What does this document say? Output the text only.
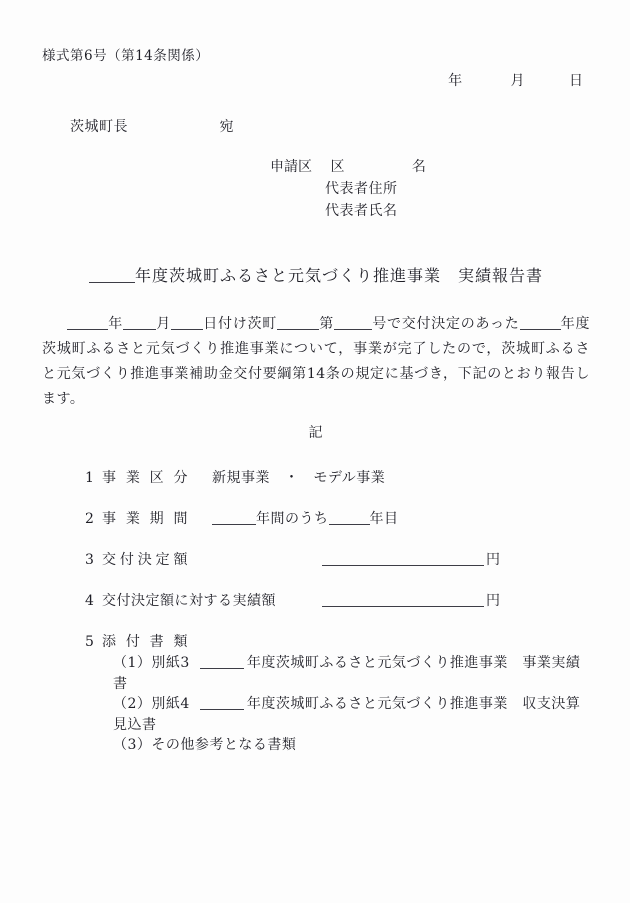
様式第6号（第14条関係）
年	月	日
茨城町長	宛
申請区 区	名
代表者住所
代表者氏名
年度茨城町ふるさと元気づくり推進事業　実績報告書
年 月 日付け茨町	第	号で交付決定のあった	年度茨城町ふるさと元気づくり推進事業について，事業が完了したので，茨城町ふるさと元気づくり推進事業補助金交付要綱第14条の規定に基づき，下記のとおり報告します。
記
1 事業区分 新規事業　・　モデル事業
2 事業期間	年間のうち	年目
3 交付決定額	円
4 交付決定額に対する実績額	円
5 添付書類
（1）別紙3	年度茨城町ふるさと元気づくり推進事業　事業実績書
（2）別紙4	年度茨城町ふるさと元気づくり推進事業　収支決算見込書
（3）その他参考となる書類
